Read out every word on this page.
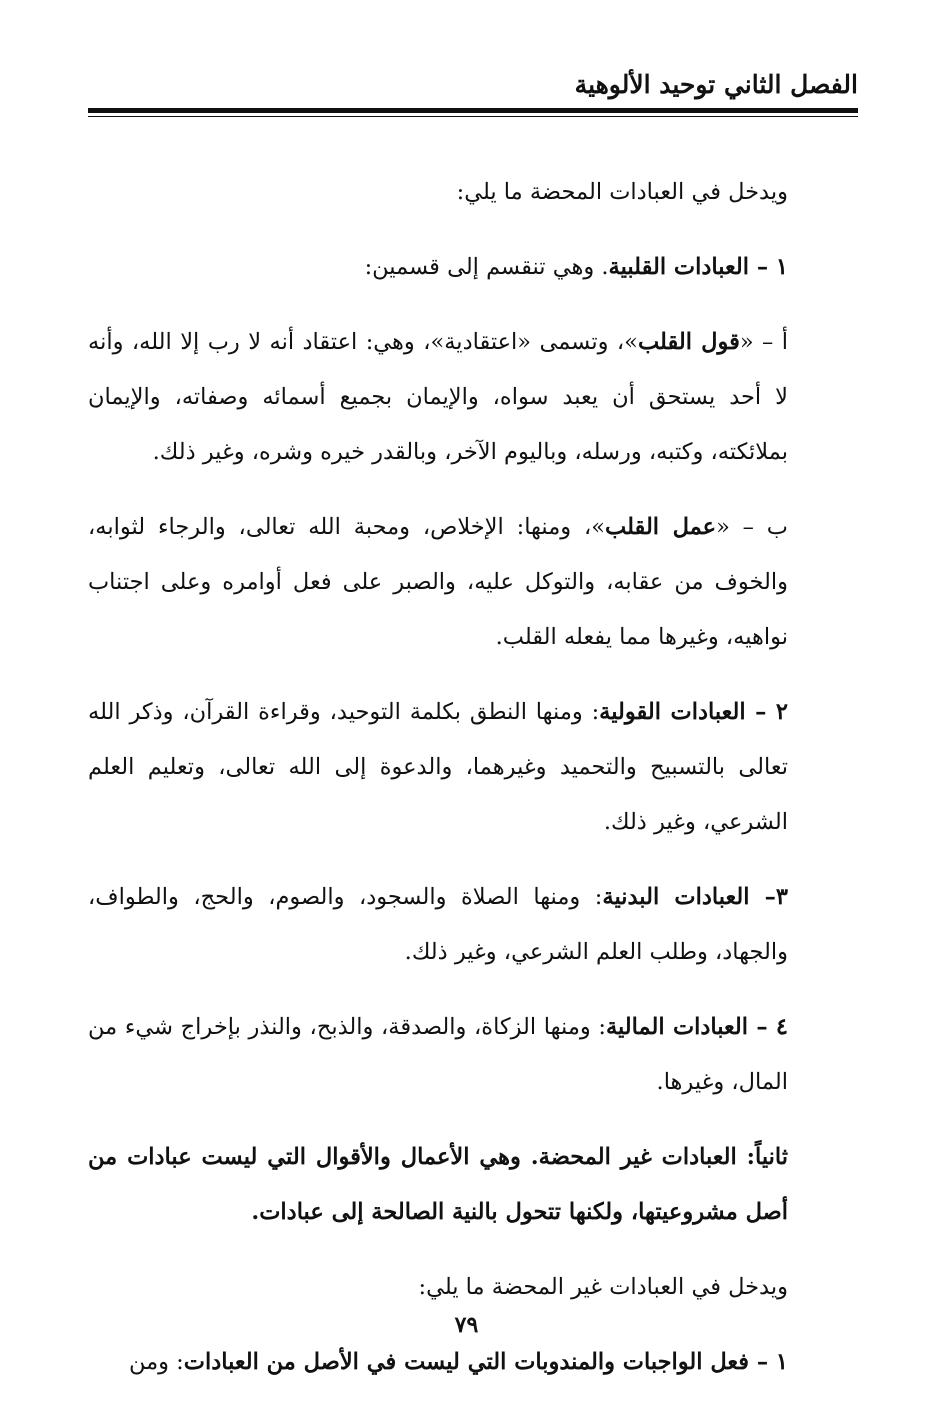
الفصل الثاني توحيد الألوهية

ويدخل في العبادات المحضة ما يلي:

١ – العبادات القلبية. وهي تنقسم إلى قسمين:

أ – «قول القلب»، وتسمى «اعتقادية»، وهي: اعتقاد أنه لا رب إلا الله، وأنه لا أحد يستحق أن يعبد سواه، والإيمان بجميع أسمائه وصفاته، والإيمان بملائكته، وكتبه، ورسله، وباليوم الآخر، وبالقدر خيره وشره، وغير ذلك.

ب – «عمل القلب»، ومنها: الإخلاص، ومحبة الله تعالى، والرجاء لثوابه، والخوف من عقابه، والتوكل عليه، والصبر على فعل أوامره وعلى اجتناب نواهيه، وغيرها مما يفعله القلب.

٢ – العبادات القولية: ومنها النطق بكلمة التوحيد، وقراءة القرآن، وذكر الله تعالى بالتسبيح والتحميد وغيرهما، والدعوة إلى الله تعالى، وتعليم العلم الشرعي، وغير ذلك.

٣– العبادات البدنية: ومنها الصلاة والسجود، والصوم، والحج، والطواف، والجهاد، وطلب العلم الشرعي، وغير ذلك.

٤ – العبادات المالية: ومنها الزكاة، والصدقة، والذبح، والنذر بإخراج شيء من المال، وغيرها.

ثانياً: العبادات غير المحضة. وهي الأعمال والأقوال التي ليست عبادات من أصل مشروعيتها، ولكنها تتحول بالنية الصالحة إلى عبادات.

ويدخل في العبادات غير المحضة ما يلي:

١ – فعل الواجبات والمندوبات التي ليست في الأصل من العبادات: ومن

٧٩
